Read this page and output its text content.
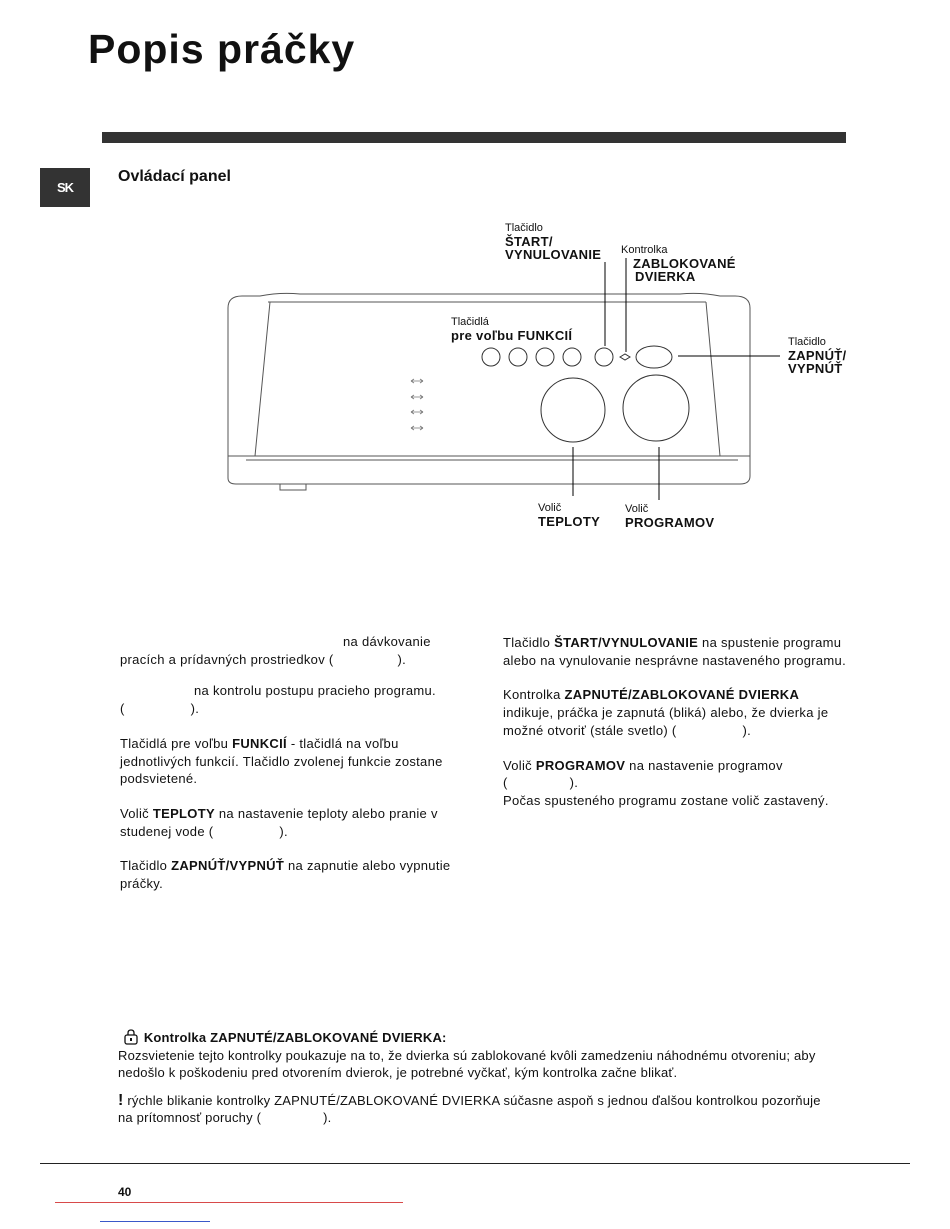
Popis práčky
SK
Ovládací panel
Tlačidlo
ŠTART/
VYNULOVANIE Kontrolka
ZABLOKOVANÉ
DVIERKA
Tlačidlá
pre voľbu FUNKCIÍ	Tlačidlo
ZAPNÚŤ/
VYPNÚŤ
Volič
TEPLOTY
Volič
PROGRAMOV

na dávkovanie
pracích a prídavných prostriedkov (	).

na kontrolu postupu pracieho programu.
(	).

Tlačidlá pre voľbu FUNKCIÍ - tlačidlá na voľbu jednotlivých funkcií. Tlačidlo zvolenej funkcie zostane podsvietené.

Volič TEPLOTY na nastavenie teploty alebo pranie v studenej vode (	).

Tlačidlo ZAPNÚŤ/VYPNÚŤ na zapnutie alebo vypnutie práčky.

Tlačidlo ŠTART/VYNULOVANIE na spustenie programu alebo na vynulovanie nesprávne nastaveného programu.

Kontrolka ZAPNUTÉ/ZABLOKOVANÉ DVIERKA indikuje, práčka je zapnutá (bliká) alebo, že dvierka je možné otvoriť (stále svetlo) (	).

Volič PROGRAMOV na nastavenie programov
(	).
Počas spusteného programu zostane volič zastavený.

Kontrolka ZAPNUTÉ/ZABLOKOVANÉ DVIERKA:
Rozsvietenie tejto kontrolky poukazuje na to, že dvierka sú zablokované kvôli zamedzeniu náhodnému otvoreniu; aby nedošlo k poškodeniu pred otvorením dvierok, je potrebné vyčkať, kým kontrolka začne blikať.
! rýchle blikanie kontrolky ZAPNUTÉ/ZABLOKOVANÉ DVIERKA súčasne aspoň s jednou ďalšou kontrolkou pozorňuje
na prítomnosť poruchy (	).
40
